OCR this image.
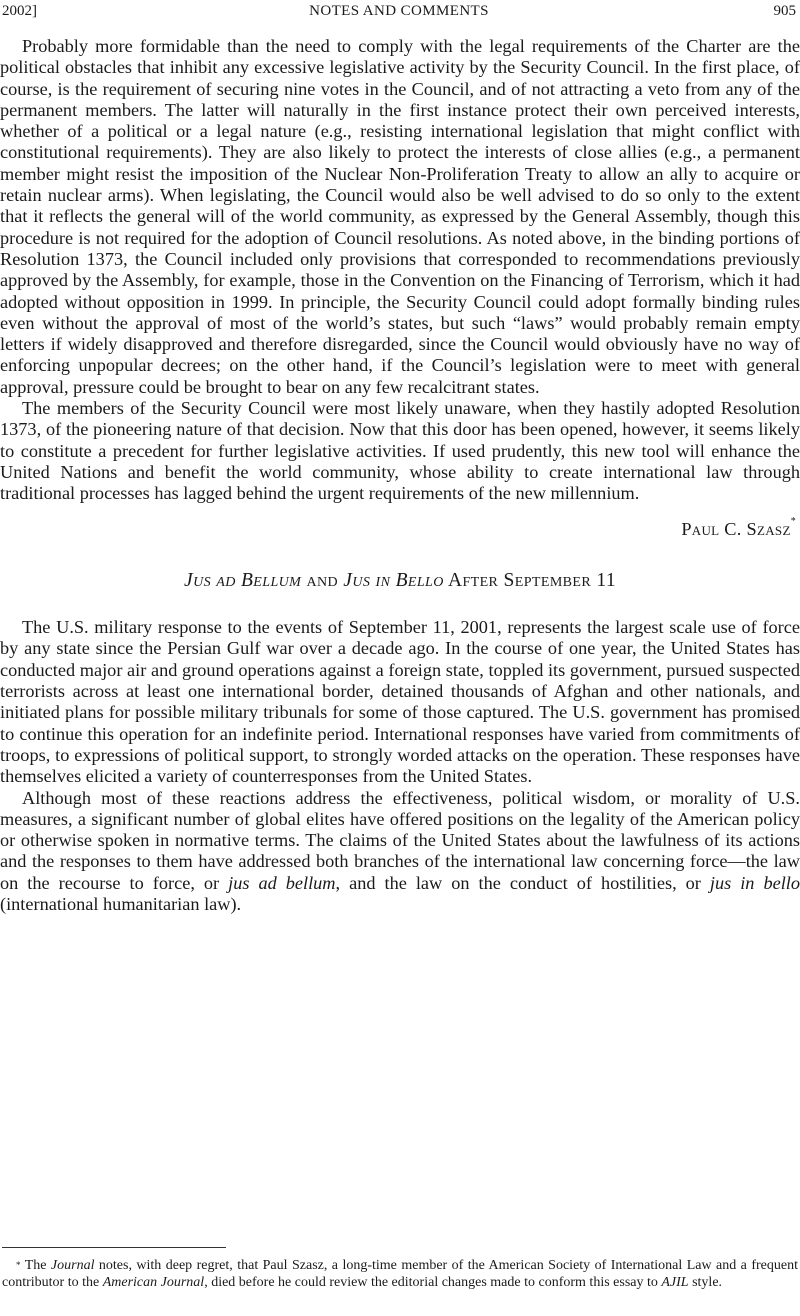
2002]	NOTES AND COMMENTS	905

Probably more formidable than the need to comply with the legal requirements of the Charter are the political obstacles that inhibit any excessive legislative activity by the Security Council. In the first place, of course, is the requirement of securing nine votes in the Council, and of not attracting a veto from any of the permanent members. The latter will naturally in the first instance protect their own perceived interests, whether of a political or a legal nature (e.g., resisting international legislation that might conflict with constitutional requirements). They are also likely to protect the interests of close allies (e.g., a permanent member might resist the imposition of the Nuclear Non-Proliferation Treaty to allow an ally to acquire or retain nuclear arms). When legislating, the Council would also be well advised to do so only to the extent that it reflects the general will of the world community, as expressed by the General Assembly, though this procedure is not required for the adoption of Council resolutions. As noted above, in the binding portions of Resolution 1373, the Council included only provisions that corresponded to recommendations previously approved by the Assembly, for example, those in the Convention on the Financing of Terrorism, which it had adopted without opposition in 1999. In principle, the Security Council could adopt formally binding rules even without the approval of most of the world’s states, but such “laws” would probably remain empty letters if widely disapproved and therefore disregarded, since the Council would obviously have no way of enforcing unpopular decrees; on the other hand, if the Council’s legislation were to meet with general approval, pressure could be brought to bear on any few recalcitrant states.

The members of the Security Council were most likely unaware, when they hastily adopted Resolution 1373, of the pioneering nature of that decision. Now that this door has been opened, however, it seems likely to constitute a precedent for further legislative activities. If used prudently, this new tool will enhance the United Nations and benefit the world community, whose ability to create international law through traditional processes has lagged behind the urgent requirements of the new millennium.

Paul C. Szasz*
Jus ad Bellum and Jus in Bello After September 11

The U.S. military response to the events of September 11, 2001, represents the largest scale use of force by any state since the Persian Gulf war over a decade ago. In the course of one year, the United States has conducted major air and ground operations against a foreign state, toppled its government, pursued suspected terrorists across at least one international border, detained thousands of Afghan and other nationals, and initiated plans for possible military tribunals for some of those captured. The U.S. government has promised to continue this operation for an indefinite period. International responses have varied from commitments of troops, to expressions of political support, to strongly worded attacks on the operation. These responses have themselves elicited a variety of counterresponses from the United States.

Although most of these reactions address the effectiveness, political wisdom, or morality of U.S. measures, a significant number of global elites have offered positions on the legality of the American policy or otherwise spoken in normative terms. The claims of the United States about the lawfulness of its actions and the responses to them have addressed both branches of the international law concerning force—the law on the recourse to force, or jus ad bellum, and the law on the conduct of hostilities, or jus in bello (international humanitarian law).

* The Journal notes, with deep regret, that Paul Szasz, a long-time member of the American Society of International Law and a frequent contributor to the American Journal, died before he could review the editorial changes made to conform this essay to AJIL style.
